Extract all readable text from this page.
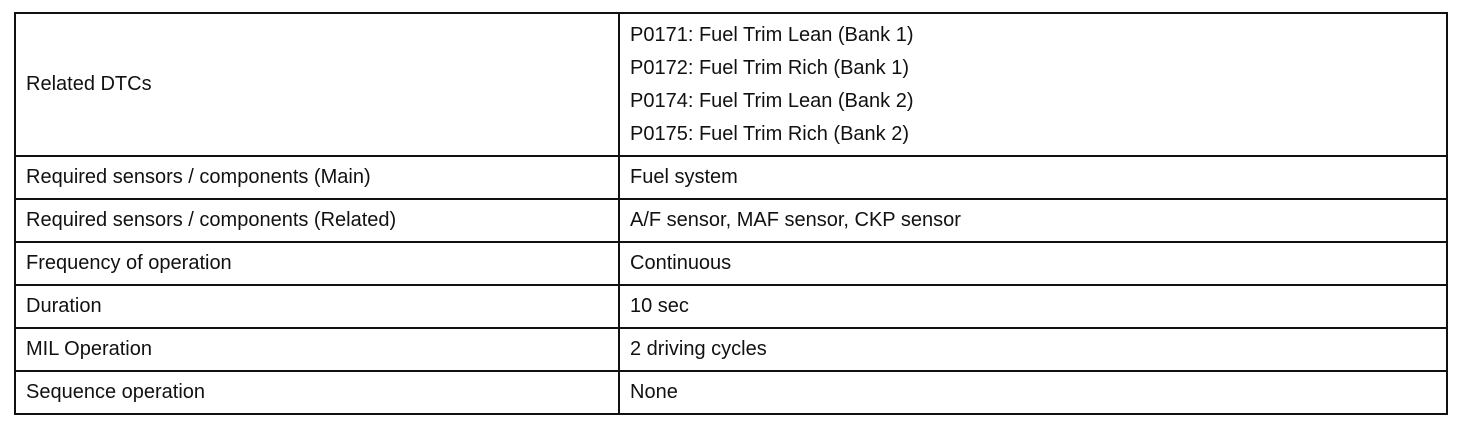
Related DTCs	P0171: Fuel Trim Lean (Bank 1)
P0172: Fuel Trim Rich (Bank 1)
P0174: Fuel Trim Lean (Bank 2)
P0175: Fuel Trim Rich (Bank 2)

Required sensors / components (Main)	Fuel system
Required sensors / components (Related)	A/F sensor, MAF sensor, CKP sensor
Frequency of operation	Continuous
Duration	10 sec
MIL Operation	2 driving cycles
Sequence operation	None
